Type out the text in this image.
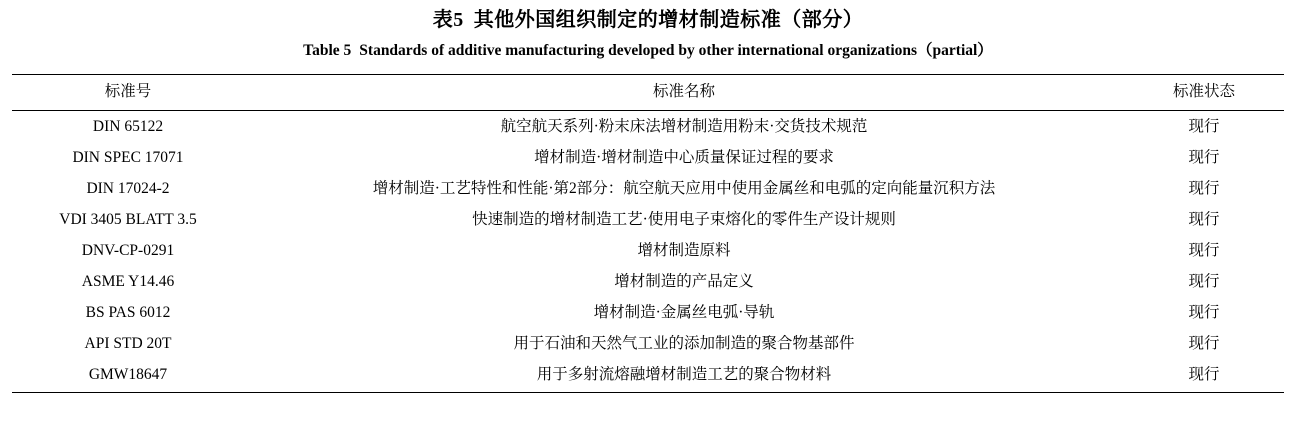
表5 其他外国组织制定的增材制造标准（部分）
Table 5 Standards of additive manufacturing developed by other international organizations（partial）
标准号	标准名称	标准状态
DIN 65122	航空航天系列·粉末床法增材制造用粉末·交货技术规范	现行
DIN SPEC 17071	增材制造·增材制造中心质量保证过程的要求	现行
DIN 17024-2	增材制造·工艺特性和性能·第2部分：航空航天应用中使用金属丝和电弧的定向能量沉积方法	现行
VDI 3405 BLATT 3.5	快速制造的增材制造工艺·使用电子束熔化的零件生产设计规则	现行
DNV-CP-0291	增材制造原料	现行
ASME Y14.46	增材制造的产品定义	现行
BS PAS 6012	增材制造·金属丝电弧·导轨	现行
API STD 20T	用于石油和天然气工业的添加制造的聚合物基部件	现行
GMW18647	用于多射流熔融增材制造工艺的聚合物材料	现行
